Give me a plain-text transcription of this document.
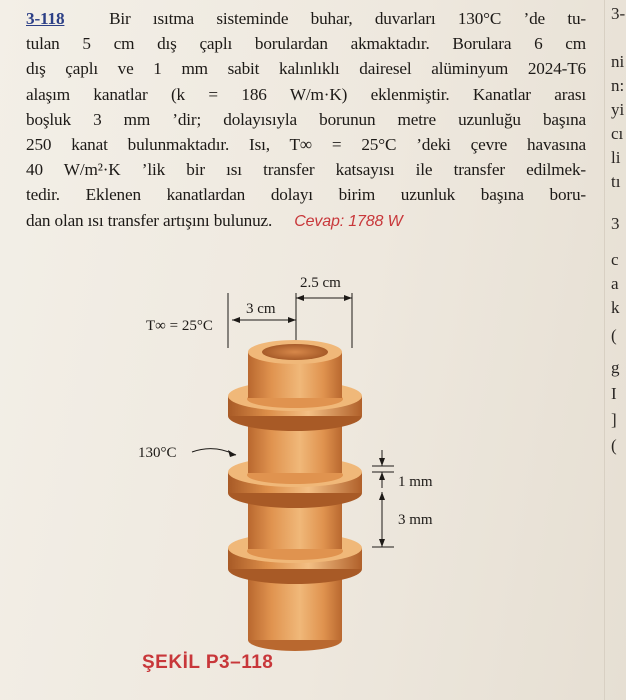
3-118	Bir ısıtma sisteminde buhar, duvarları 130°C ’de tu-
tulan 5 cm dış çaplı borulardan akmaktadır. Borulara 6 cm
dış çaplı ve 1 mm sabit kalınlıklı dairesel alüminyum 2024-T6
alaşım kanatlar (k = 186 W/m·K) eklenmiştir. Kanatlar arası
boşluk 3 mm ’dir; dolayısıyla borunun metre uzunluğu başına
250 kanat bulunmaktadır. Isı, T∞ = 25°C ’deki çevre havasına
40 W/m²·K ’lik bir ısı transfer katsayısı ile transfer edilmek-
tedir. Eklenen kanatlardan dolayı birim uzunluk başına boru-
dan olan ısı transfer artışını bulunuz. Cevap: 1788 W
3-
ni
n:
yi
cı
li
tı
3
c
a
k
(
g
I
]
(
2.5 cm
3 cm
T∞ = 25°C
130°C
1 mm
3 mm
ŞEKİL P3–118
